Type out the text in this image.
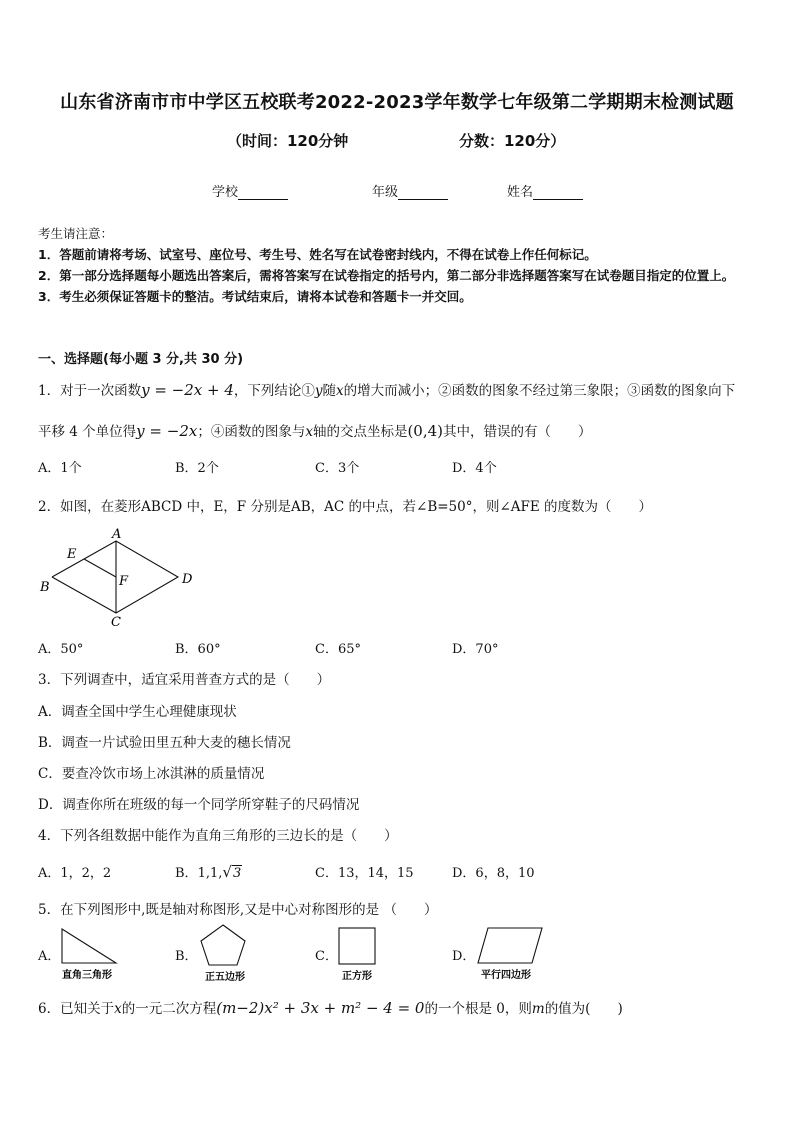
山东省济南市市中学区五校联考2022-2023学年数学七年级第二学期期末检测试题
（时间：120分钟	分数：120分）
学校	年级	姓名
考生请注意：
1．答题前请将考场、试室号、座位号、考生号、姓名写在试卷密封线内，不得在试卷上作任何标记。
2．第一部分选择题每小题选出答案后，需将答案写在试卷指定的括号内，第二部分非选择题答案写在试卷题目指定的位置上。
3．考生必须保证答题卡的整洁。考试结束后，请将本试卷和答题卡一并交回。
一、选择题(每小题 3 分,共 30 分)
1．对于一次函数y = −2x + 4，下列结论①y随x的增大而减小；②函数的图象不经过第三象限；③函数的图象向下
平移 4 个单位得y = −2x；④函数的图象与x轴的交点坐标是(0,4)其中，错误的有（　　）
A．1个	B．2个	C．3个	D．4个
2．如图，在菱形ABCD 中，E，F 分别是AB，AC 的中点，若∠B=50°，则∠AFE 的度数为（　　）
A
B
C
D
E
F
A．50°	B．60°	C．65°	D．70°
3．下列调查中，适宜采用普查方式的是（　　）
A．调查全国中学生心理健康现状
B．调查一片试验田里五种大麦的穗长情况
C．要查冷饮市场上冰淇淋的质量情况
D．调查你所在班级的每一个同学所穿鞋子的尺码情况
4．下列各组数据中能作为直角三角形的三边长的是（　　）
A．1，2，2	B．1,1,√3	C．13，14，15	D．6，8，10
5．在下列图形中,既是轴对称图形,又是中心对称图形的是 （　　）
A．
直角三角形
B．
正五边形
C．
正方形
D．
平行四边形
6．已知关于x的一元二次方程(m−2)x² + 3x + m² − 4 = 0的一个根是 0，则m的值为(　　)
